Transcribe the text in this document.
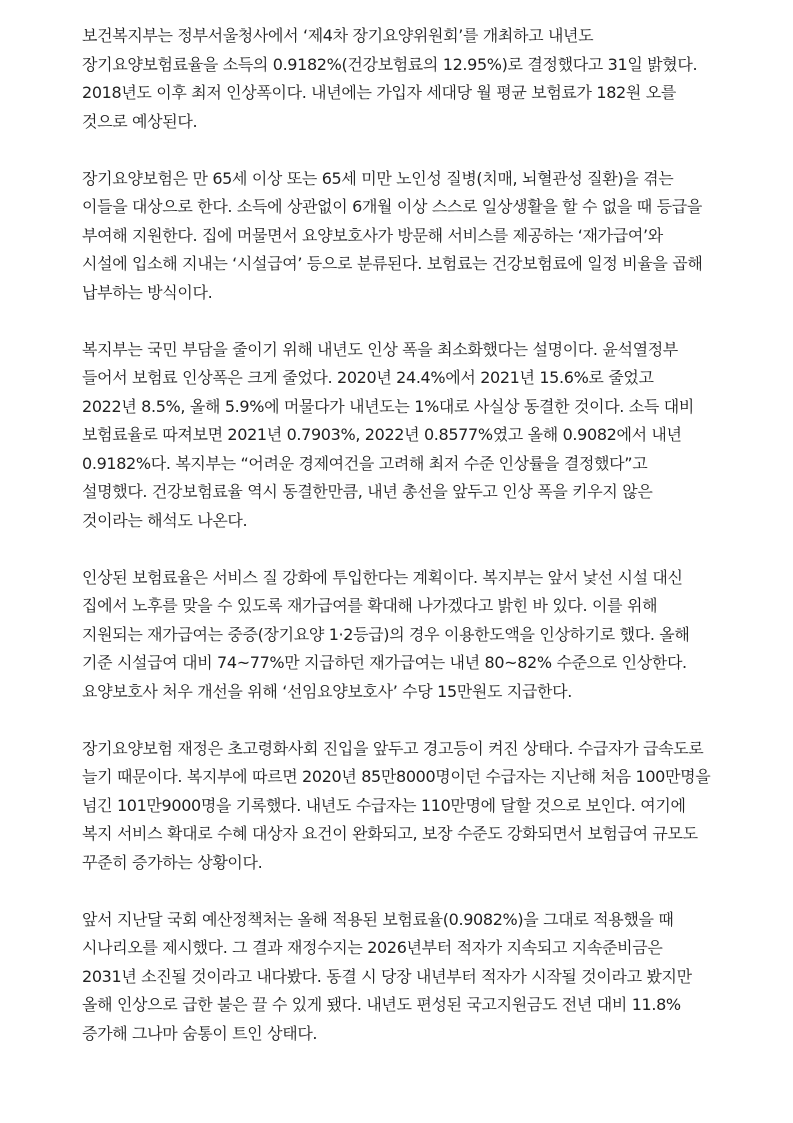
보건복지부는 정부서울청사에서 ‘제4차 장기요양위원회’를 개최하고 내년도 장기요양보험료율을 소득의 0.9182%(건강보험료의 12.95%)로 결정했다고 31일 밝혔다. 2018년도 이후 최저 인상폭이다. 내년에는 가입자 세대당 월 평균 보험료가 182원 오를 것으로 예상된다.

장기요양보험은 만 65세 이상 또는 65세 미만 노인성 질병(치매, 뇌혈관성 질환)을 겪는 이들을 대상으로 한다. 소득에 상관없이 6개월 이상 스스로 일상생활을 할 수 없을 때 등급을 부여해 지원한다. 집에 머물면서 요양보호사가 방문해 서비스를 제공하는 ‘재가급여’와 시설에 입소해 지내는 ‘시설급여’ 등으로 분류된다. 보험료는 건강보험료에 일정 비율을 곱해 납부하는 방식이다.

복지부는 국민 부담을 줄이기 위해 내년도 인상 폭을 최소화했다는 설명이다. 윤석열정부 들어서 보험료 인상폭은 크게 줄었다. 2020년 24.4%에서 2021년 15.6%로 줄었고 2022년 8.5%, 올해 5.9%에 머물다가 내년도는 1%대로 사실상 동결한 것이다. 소득 대비 보험료율로 따져보면 2021년 0.7903%, 2022년 0.8577%였고 올해 0.9082에서 내년 0.9182%다. 복지부는 “어려운 경제여건을 고려해 최저 수준 인상률을 결정했다”고 설명했다. 건강보험료율 역시 동결한만큼, 내년 총선을 앞두고 인상 폭을 키우지 않은 것이라는 해석도 나온다.

인상된 보험료율은 서비스 질 강화에 투입한다는 계획이다. 복지부는 앞서 낯선 시설 대신 집에서 노후를 맞을 수 있도록 재가급여를 확대해 나가겠다고 밝힌 바 있다. 이를 위해 지원되는 재가급여는 중증(장기요양 1·2등급)의 경우 이용한도액을 인상하기로 했다. 올해 기준 시설급여 대비 74~77%만 지급하던 재가급여는 내년 80~82% 수준으로 인상한다. 요양보호사 처우 개선을 위해 ‘선임요양보호사’ 수당 15만원도 지급한다.

장기요양보험 재정은 초고령화사회 진입을 앞두고 경고등이 켜진 상태다. 수급자가 급속도로 늘기 때문이다. 복지부에 따르면 2020년 85만8000명이던 수급자는 지난해 처음 100만명을 넘긴 101만9000명을 기록했다. 내년도 수급자는 110만명에 달할 것으로 보인다. 여기에 복지 서비스 확대로 수혜 대상자 요건이 완화되고, 보장 수준도 강화되면서 보험급여 규모도 꾸준히 증가하는 상황이다.

앞서 지난달 국회 예산정책처는 올해 적용된 보험료율(0.9082%)을 그대로 적용했을 때 시나리오를 제시했다. 그 결과 재정수지는 2026년부터 적자가 지속되고 지속준비금은 2031년 소진될 것이라고 내다봤다. 동결 시 당장 내년부터 적자가 시작될 것이라고 봤지만 올해 인상으로 급한 불은 끌 수 있게 됐다. 내년도 편성된 국고지원금도 전년 대비 11.8% 증가해 그나마 숨통이 트인 상태다.
